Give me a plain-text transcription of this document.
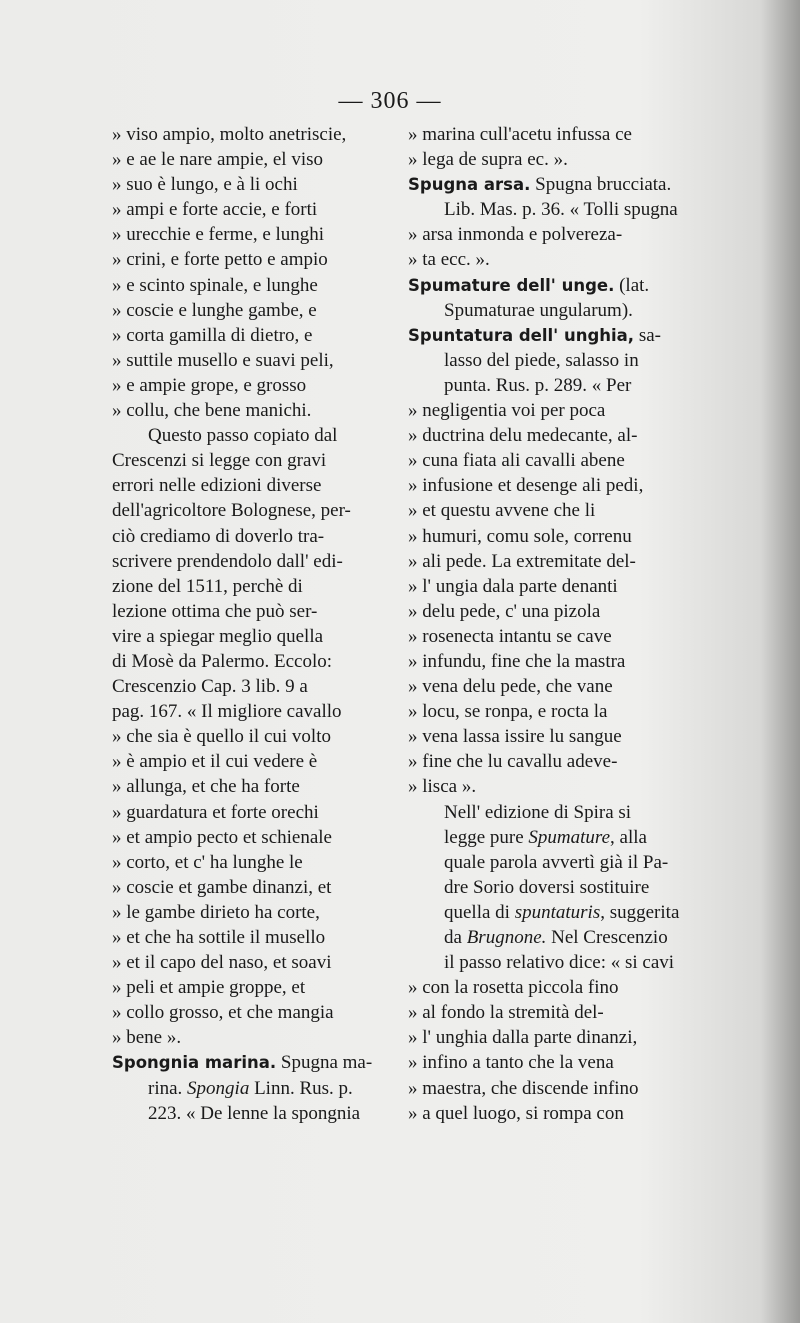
— 306 —
» viso ampio, molto anetriscie,
» e ae le nare ampie, el viso
» suo è lungo, e à li ochi
» ampi e forte accie, e forti
» urecchie e ferme, e lunghi
» crini, e forte petto e ampio
» e scinto spinale, e lunghe
» coscie e lunghe gambe, e
» corta gamilla di dietro, e
» suttile musello e suavi peli,
» e ampie grope, e grosso
» collu, che bene manichi.
Questo passo copiato dal
Crescenzi si legge con gravi
errori nelle edizioni diverse
dell'agricoltore Bolognese, per-
ciò crediamo di doverlo tra-
scrivere prendendolo dall' edi-
zione del 1511, perchè di
lezione ottima che può ser-
vire a spiegar meglio quella
di Mosè da Palermo. Eccolo:
Crescenzio Cap. 3 lib. 9 a
pag. 167. « Il migliore cavallo
» che sia è quello il cui volto
» è ampio et il cui vedere è
» allunga, et che ha forte
» guardatura et forte orechi
» et ampio pecto et schienale
» corto, et c' ha lunghe le
» coscie et gambe dinanzi, et
» le gambe dirieto ha corte,
» et che ha sottile il musello
» et il capo del naso, et soavi
» peli et ampie groppe, et
» collo grosso, et che mangia
» bene ».
Spongnia marina. Spugna ma-
rina. Spongia Linn. Rus. p.
223. « De lenne la spongnia
» marina cull'acetu infussa ce
» lega de supra ec. ».
Spugna arsa. Spugna brucciata.
Lib. Mas. p. 36. « Tolli spugna
» arsa inmonda e polvereza-
» ta ecc. ».
Spumature dell' unge. (lat.
Spumaturae ungularum).
Spuntatura dell' unghia, sa-
lasso del piede, salasso in
punta. Rus. p. 289. « Per
» negligentia voi per poca
» ductrina delu medecante, al-
» cuna fiata ali cavalli abene
» infusione et desenge ali pedi,
» et questu avvene che li
» humuri, comu sole, correnu
» ali pede. La extremitate del-
» l' ungia dala parte denanti
» delu pede, c' una pizola
» rosenecta intantu se cave
» infundu, fine che la mastra
» vena delu pede, che vane
» locu, se ronpa, e rocta la
» vena lassa issire lu sangue
» fine che lu cavallu adeve-
» lisca ».
Nell' edizione di Spira si
legge pure Spumature, alla
quale parola avvertì già il Pa-
dre Sorio doversi sostituire
quella di spuntaturis, suggerita
da Brugnone. Nel Crescenzio
il passo relativo dice: « si cavi
» con la rosetta piccola fino
» al fondo la stremità del-
» l' unghia dalla parte dinanzi,
» infino a tanto che la vena
» maestra, che discende infino
» a quel luogo, si rompa con
